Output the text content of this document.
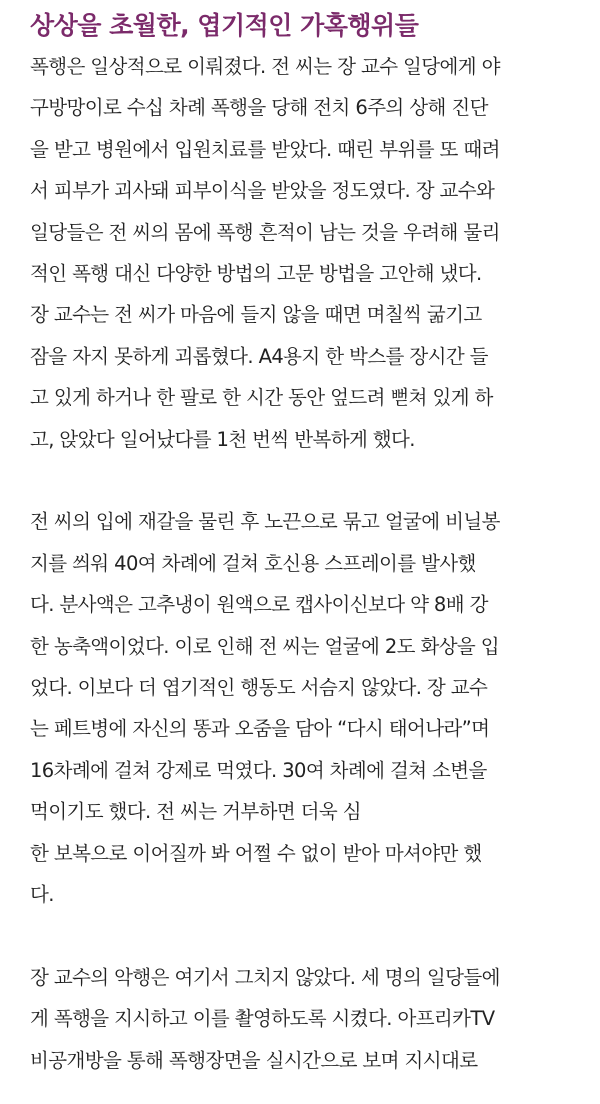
상상을 초월한, 엽기적인 가혹행위들
폭행은 일상적으로 이뤄졌다. 전 씨는 장 교수 일당에게 야
구방망이로 수십 차례 폭행을 당해 전치 6주의 상해 진단
을 받고 병원에서 입원치료를 받았다. 때린 부위를 또 때려
서 피부가 괴사돼 피부이식을 받았을 정도였다. 장 교수와
일당들은 전 씨의 몸에 폭행 흔적이 남는 것을 우려해 물리
적인 폭행 대신 다양한 방법의 고문 방법을 고안해 냈다.
장 교수는 전 씨가 마음에 들지 않을 때면 며칠씩 굶기고
잠을 자지 못하게 괴롭혔다. A4용지 한 박스를 장시간 들
고 있게 하거나 한 팔로 한 시간 동안 엎드려 뻗쳐 있게 하
고, 앉았다 일어났다를 1천 번씩 반복하게 했다.
전 씨의 입에 재갈을 물린 후 노끈으로 묶고 얼굴에 비닐봉
지를 씌워 40여 차례에 걸쳐 호신용 스프레이를 발사했
다. 분사액은 고추냉이 원액으로 캡사이신보다 약 8배 강
한 농축액이었다. 이로 인해 전 씨는 얼굴에 2도 화상을 입
었다. 이보다 더 엽기적인 행동도 서슴지 않았다. 장 교수
는 페트병에 자신의 똥과 오줌을 담아 “다시 태어나라”며
16차례에 걸쳐 강제로 먹였다. 30여 차례에 걸쳐 소변을
먹이기도 했다. 전 씨는 거부하면 더욱 심
한 보복으로 이어질까 봐 어쩔 수 없이 받아 마셔야만 했
다.
장 교수의 악행은 여기서 그치지 않았다. 세 명의 일당들에
게 폭행을 지시하고 이를 촬영하도록 시켰다. 아프리카TV
비공개방을 통해 폭행장면을 실시간으로 보며 지시대로
